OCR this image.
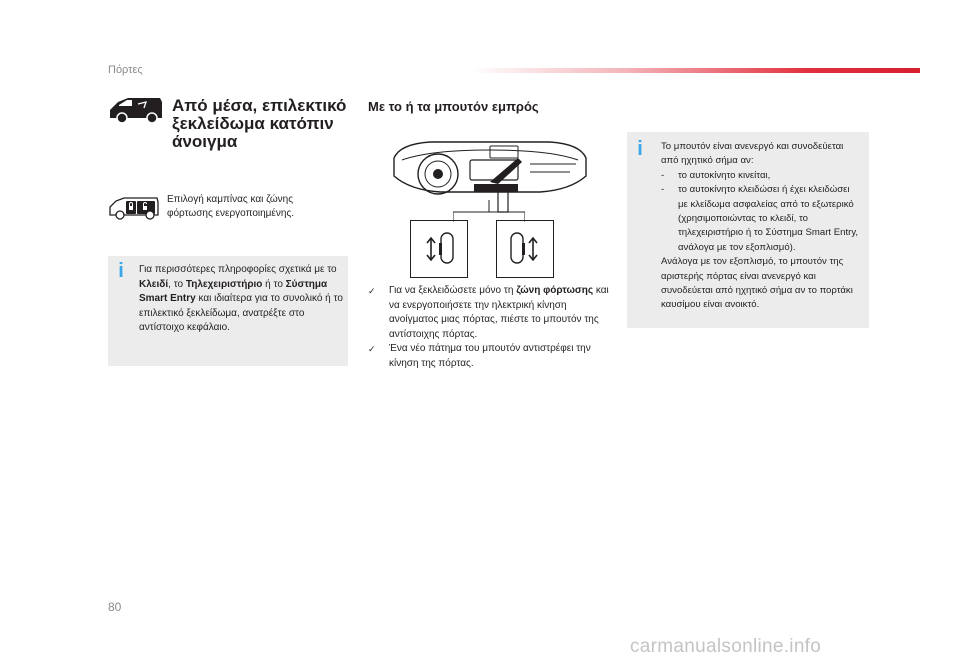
Πόρτες
Από μέσα, επιλεκτικό ξεκλείδωμα κατόπιν άνοιγμα
Επιλογή καμπίνας και ζώνης φόρτωσης ενεργοποιημένης.
i Για περισσότερες πληροφορίες σχετικά με το Κλειδί, το Τηλεχειριστήριο ή το Σύστημα Smart Entry και ιδιαίτερα για το συνολικό ή το επιλεκτικό ξεκλείδωμα, ανατρέξτε στο αντίστοιχο κεφάλαιο.
Με το ή τα μπουτόν εμπρός
✓	Για να ξεκλειδώσετε μόνο τη ζώνη φόρτωσης και να ενεργοποιήσετε την ηλεκτρική κίνηση ανοίγματος μιας πόρτας, πιέστε το μπουτόν της αντίστοιχης πόρτας.
✓	Ένα νέο πάτημα του μπουτόν αντιστρέφει την κίνηση της πόρτας.
i Το μπουτόν είναι ανενεργό και συνοδεύεται από ηχητικό σήμα αν:
-	το αυτοκίνητο κινείται,
-	το αυτοκίνητο κλειδώσει ή έχει κλειδώσει με κλείδωμα ασφαλείας από το εξωτερικό (χρησιμοποιώντας το κλειδί, το τηλεχειριστήριο ή το Σύστημα Smart Entry, ανάλογα με τον εξοπλισμό).
Ανάλογα με τον εξοπλισμό, το μπουτόν της αριστερής πόρτας είναι ανενεργό και συνοδεύεται από ηχητικό σήμα αν το πορτάκι καυσίμου είναι ανοικτό.
80
carmanualsonline.info
